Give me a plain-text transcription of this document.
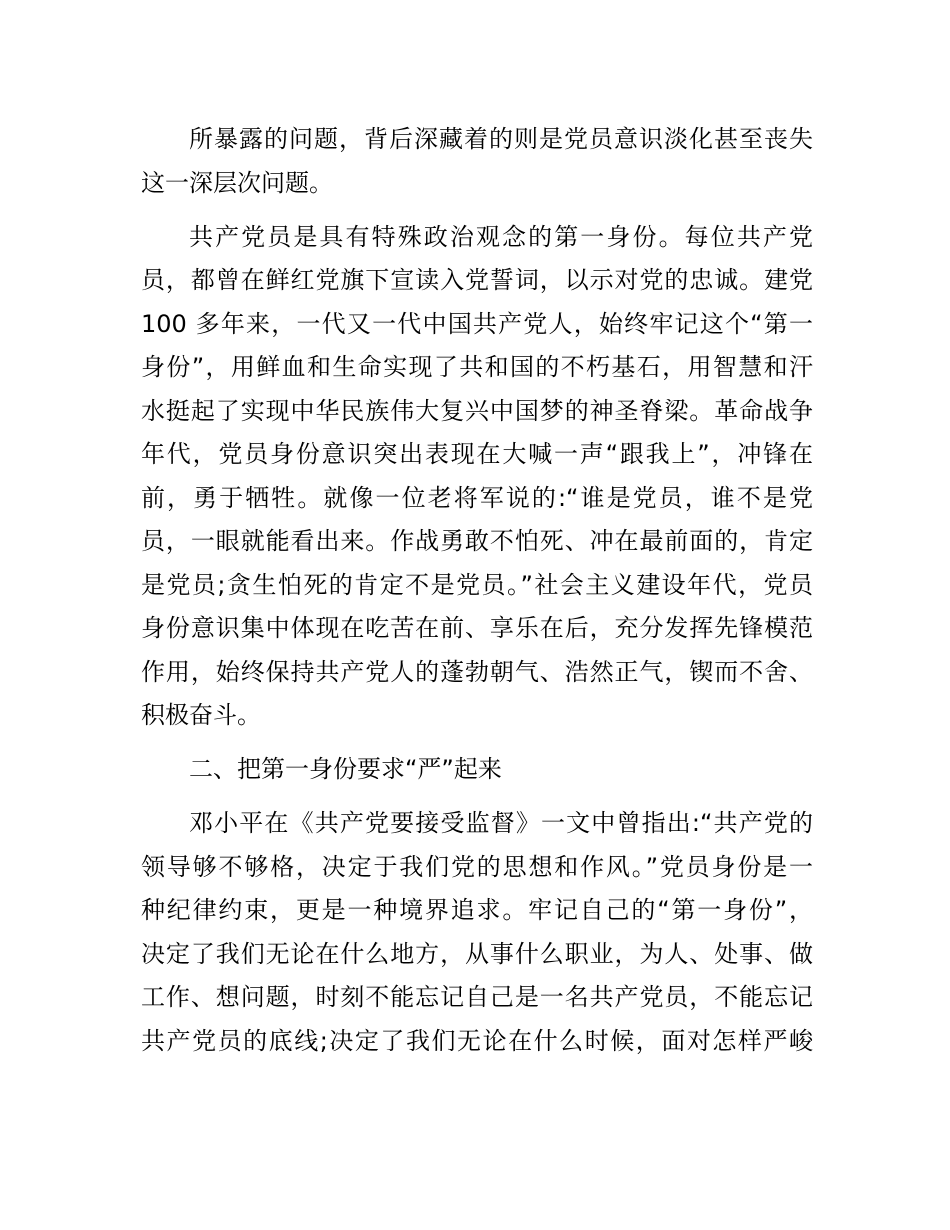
所暴露的问题，背后深藏着的则是党员意识淡化甚至丧失
这一深层次问题。
共产党员是具有特殊政治观念的第一身份。每位共产党
员，都曾在鲜红党旗下宣读入党誓词，以示对党的忠诚。建党
100 多年来，一代又一代中国共产党人，始终牢记这个“第一
身份”，用鲜血和生命实现了共和国的不朽基石，用智慧和汗
水挺起了实现中华民族伟大复兴中国梦的神圣脊梁。革命战争
年代，党员身份意识突出表现在大喊一声“跟我上”，冲锋在
前，勇于牺牲。就像一位老将军说的:“谁是党员，谁不是党
员，一眼就能看出来。作战勇敢不怕死、冲在最前面的，肯定
是党员;贪生怕死的肯定不是党员。”社会主义建设年代，党员
身份意识集中体现在吃苦在前、享乐在后，充分发挥先锋模范
作用，始终保持共产党人的蓬勃朝气、浩然正气，锲而不舍、
积极奋斗。
二、把第一身份要求“严”起来
邓小平在《共产党要接受监督》一文中曾指出:“共产党的
领导够不够格，决定于我们党的思想和作风。”党员身份是一
种纪律约束，更是一种境界追求。牢记自己的“第一身份”，
决定了我们无论在什么地方，从事什么职业，为人、处事、做
工作、想问题，时刻不能忘记自己是一名共产党员，不能忘记
共产党员的底线;决定了我们无论在什么时候，面对怎样严峻
